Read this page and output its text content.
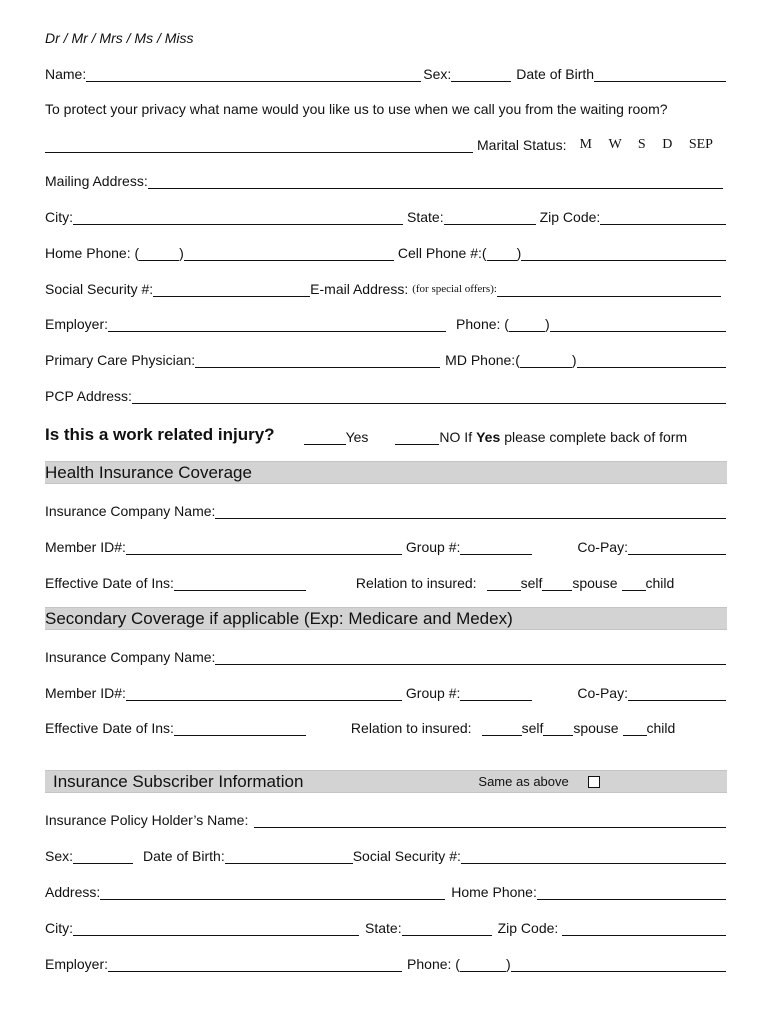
Dr / Mr / Mrs / Ms / Miss
Name:	Sex:	Date of Birth
To protect your privacy what name would you like us to use when we call you from the waiting room?
Marital Status: M W S D SEP
Mailing Address:
City:	State:	Zip Code:
Home Phone: (	)	Cell Phone #:( )
Social Security #:	E-mail Address: (for special offers):
Employer:	Phone: (	)
Primary Care Physician:	MD Phone:(	)
PCP Address:
Is this a work related injury?	Yes	NO If Yes please complete back of form
Health Insurance Coverage
Insurance Company Name:
Member ID#:	Group #:	Co-Pay:
Effective Date of Ins:	Relation to insured:	self spouse child
Secondary Coverage if applicable (Exp: Medicare and Medex)
Insurance Company Name:
Member ID#:	Group #:	Co-Pay:
Effective Date of Ins:	Relation to insured:	self spouse child
Insurance Subscriber Information	Same as above
Insurance Policy Holder’s Name:
Sex:	Date of Birth:	Social Security #:
Address:	Home Phone:
City:	State:	Zip Code:
Employer:	Phone: (	)
